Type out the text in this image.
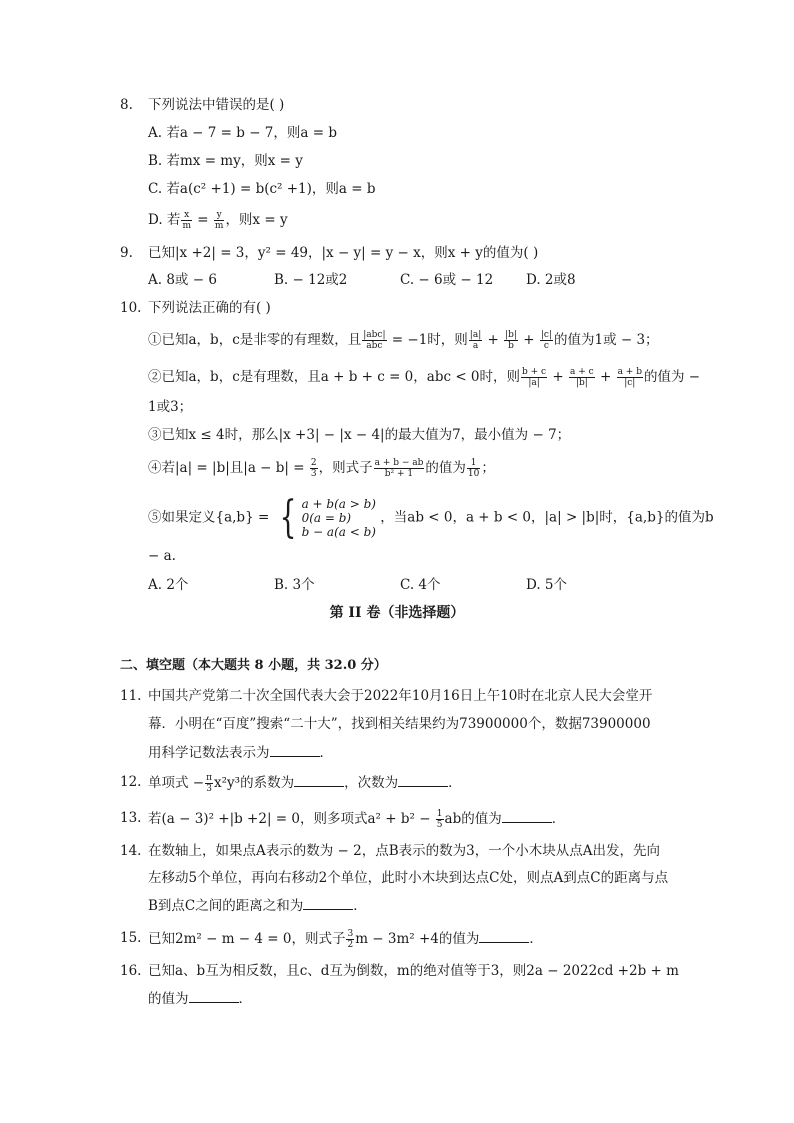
8. 下列说法中错误的是( )
A. 若a − 7 = b − 7，则a = b
B. 若mx = my，则x = y
C. 若a(c² +1) = b(c² +1)，则a = b
D. 若 $\frac{x}{m} = \frac{y}{m}$ ，则x = y
9. 已知|x +2| = 3，y² = 49，|x − y| = y − x，则x + y的值为( )
A. 8或 − 6	B. − 12或2	C. − 6或 − 12 D. 2或8
10. 下列说法正确的有( )
①已知a，b，c是非零的有理数，且 $\frac{\text{|abc|}}{\text{abc}} = -1$时，则 $\frac{|a|}{a} + \frac{|b|}{b} + \frac{|c|}{c}$ 的值为1或 − 3；
②已知a，b，c是有理数，且a + b + c = 0，abc < 0时，则 $\frac{b + c}{|a|} + \frac{a + c}{|b|} + \frac{a + b}{|c|}$ 的值为 −
1或3；
③已知x ≤ 4时，那么|x +3| − |x − 4|的最大值为7，最小值为 − 7；
④若|a| = |b|且$|a - b| = \frac{2}{3}$ ，则式子 $\frac{a + b - ab}{\text{b² + 1}}$ 的值为 $\frac{1}{10}$ ；
⑤如果定义{a,b} = { a + b(a > b)
0(a = b)
b − a(a < b)
，当ab < 0，a + b < 0，|a| > |b|时，{a,b}的值为b
− a.
A. 2个	B. 3个	C. 4个	D. 5个
第 II 卷（非选择题）
二、填空题（本大题共 8 小题，共 32.0 分）
11. 中国共产党第二十次全国代表大会于2022年10月16日上午10时在北京人民大会堂开
幕．小明在“百度”搜索“二十大”，找到相关结果约为73900000个，数据73900000
用科学记数法表示为	．
12. 单项式 − $\frac{\pi}{3} x^2y^3$的系数为	，次数为	．
13. 若(a − 3)² +|b +2| = 0，则多项式$a^2 + b^2 - \frac{1}{5}$ ab的值为	．
14. 在数轴上，如果点A表示的数为 − 2，点B表示的数为3，一个小木块从点A出发，先向
左移动5个单位，再向右移动2个单位，此时小木块到达点C处，则点A到点C的距离与点
B到点C之间的距离之和为	．
15. 已知2m² − m − 4 = 0，则式子 $\frac{3}{2}$ m − 3m² +4的值为	．
16. 已知a、b互为相反数，且c、d互为倒数，m的绝对值等于3，则2a − 2022cd +2b + m
的值为	．
